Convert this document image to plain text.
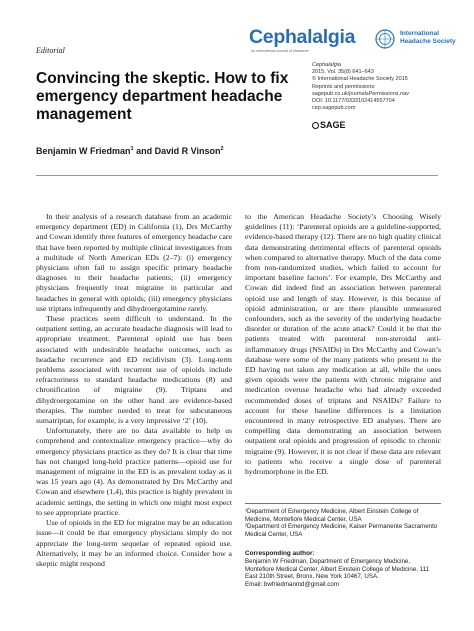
Editorial
Cephalalgia
An International Journal of Headache
International Headache Society
Cephalalgia
2015, Vol. 35(8) 641–643
© International Headache Society 2015
Reprints and permissions:
sagepub.co.uk/journalsPermissions.nav
DOI: 10.1177/0333102414557704
cep.sagepub.com
SAGE
Convincing the skeptic. How to fix emergency department headache management
Benjamin W Friedman$^1$ and David R Vinson$^2$

In their analysis of a research database from an academic emergency department (ED) in California (1), Drs McCarthy and Cowan identify three features of emergency headache care that have been reported by multiple clinical investigators from a multitude of North American EDs (2–7): (i) emergency physicians often fail to assign specific primary headache diagnoses to their headache patients; (ii) emergency physicians frequently treat migraine in particular and headaches in general with opioids; (iii) emergency physicians use triptans infrequently and dihydroergotamine rarely.

These practices seem difficult to understand. In the outpatient setting, an accurate headache diagnosis will lead to appropriate treatment. Parenteral opioid use has been associated with undesirable headache outcomes, such as headache recurrence and ED recidivism (3). Long-term problems associated with recurrent use of opioids include refractoriness to standard headache medications (8) and chronification of migraine (9). Triptans and dihydroergotamine on the other hand are evidence-based therapies. The number needed to treat for subcutaneous sumatriptan, for example, is a very impressive ‘2’ (10).

Unfortunately, there are no data available to help us comprehend and contextualize emergency practice—why do emergency physicians practice as they do? It is clear that time has not changed long-held practice patterns—opioid use for management of migraine in the ED is as prevalent today as it was 15 years ago (4). As demonstrated by Drs McCarthy and Cowan and elsewhere (1,4), this practice is highly prevalent in academic settings, the setting in which one might most expect to see appropriate practice.

Use of opioids in the ED for migraine may be an education issue—it could be that emergency physicians simply do not appreciate the long-term sequelae of repeated opioid use. Alternatively, it may be an informed choice. Consider how a skeptic might respond

to the American Headache Society’s Choosing Wisely guidelines (11): ‘Parenteral opioids are a guideline-supported, evidence-based therapy (12). There are no high quality clinical data demonstrating detrimental effects of parenteral opioids when compared to alternative therapy. Much of the data come from non-randomized studies, which failed to account for important baseline factors’. For example, Drs McCarthy and Cowan did indeed find an association between parenteral opioid use and length of stay. However, is this because of opioid administration, or are there plausible unmeasured confounders, such as the severity of the underlying headache disorder or duration of the acute attack? Could it be that the patients treated with parenteral non-steroidal anti-inflammatory drugs (NSAIDs) in Drs McCarthy and Cowan’s database were some of the many patients who present to the ED having not taken any medication at all, while the ones given opioids were the patients with chronic migraine and medication overuse headache who had already exceeded recommended doses of triptans and NSAIDs? Failure to account for these baseline differences is a limitation encountered in many retrospective ED analyses. There are compelling data demonstrating an association between outpatient oral opioids and progression of episodic to chronic migraine (9). However, it is not clear if these data are relevant to patients who receive a single dose of parenteral hydromorphone in the ED.

¹Department of Emergency Medicine, Albert Einstein College of Medicine, Montefiore Medical Center, USA
²Department of Emergency Medicine, Kaiser Permanente Sacramento Medical Center, USA
Corresponding author:
Benjamin W Friedman, Department of Emergency Medicine, Montefiore Medical Center, Albert Einstein College of Medicine, 111 East 210th Street, Bronx, New York 10467, USA.
Email: bwfriedmanmd@gmail.com
